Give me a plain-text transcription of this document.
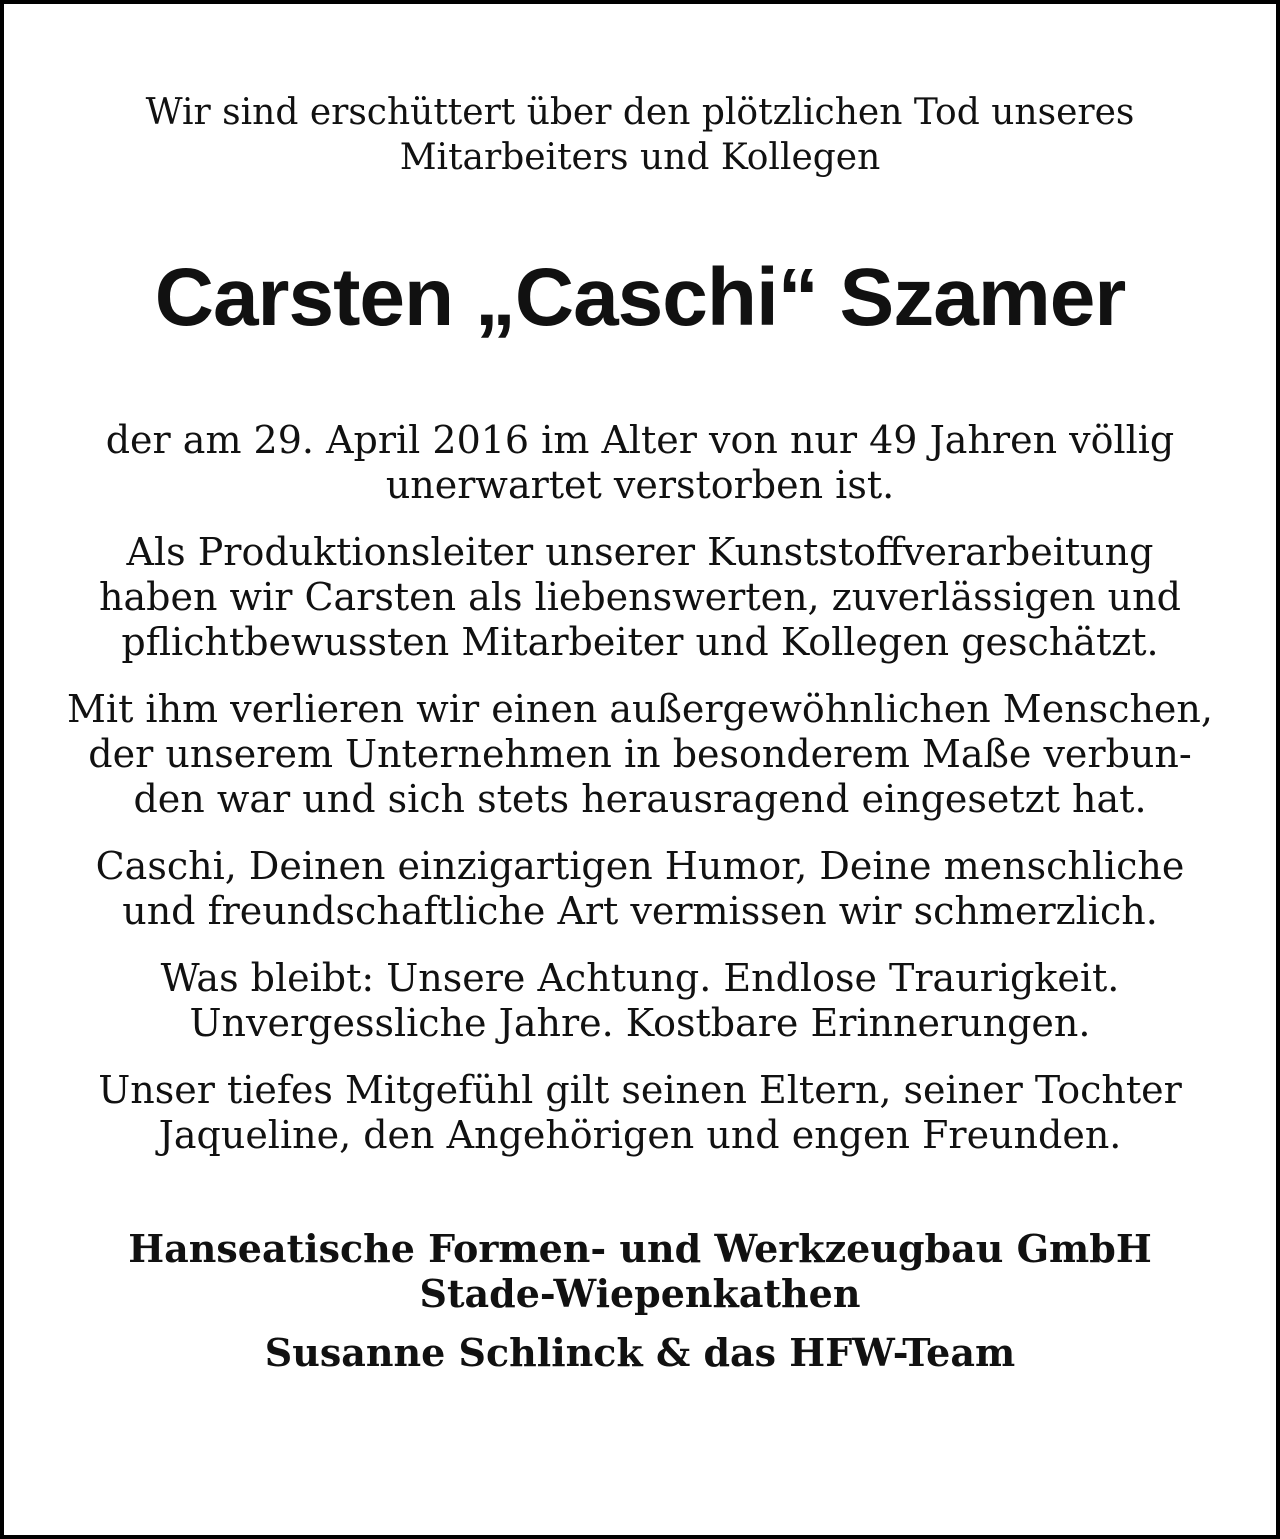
Wir sind erschüttert über den plötzlichen Tod unseres
Mitarbeiters und Kollegen

Carsten „Caschi“ Szamer

der am 29. April 2016 im Alter von nur 49 Jahren völlig
unerwartet verstorben ist.

Als Produktionsleiter unserer Kunststoffverarbeitung
haben wir Carsten als liebenswerten, zuverlässigen und
pflichtbewussten Mitarbeiter und Kollegen geschätzt.

Mit ihm verlieren wir einen außergewöhnlichen Menschen,
der unserem Unternehmen in besonderem Maße verbun-
den war und sich stets herausragend eingesetzt hat.

Caschi, Deinen einzigartigen Humor, Deine menschliche
und freundschaftliche Art vermissen wir schmerzlich.

Was bleibt: Unsere Achtung. Endlose Traurigkeit.
Unvergessliche Jahre. Kostbare Erinnerungen.

Unser tiefes Mitgefühl gilt seinen Eltern, seiner Tochter
Jaqueline, den Angehörigen und engen Freunden.

Hanseatische Formen- und Werkzeugbau GmbH
Stade-Wiepenkathen

Susanne Schlinck & das HFW-Team
